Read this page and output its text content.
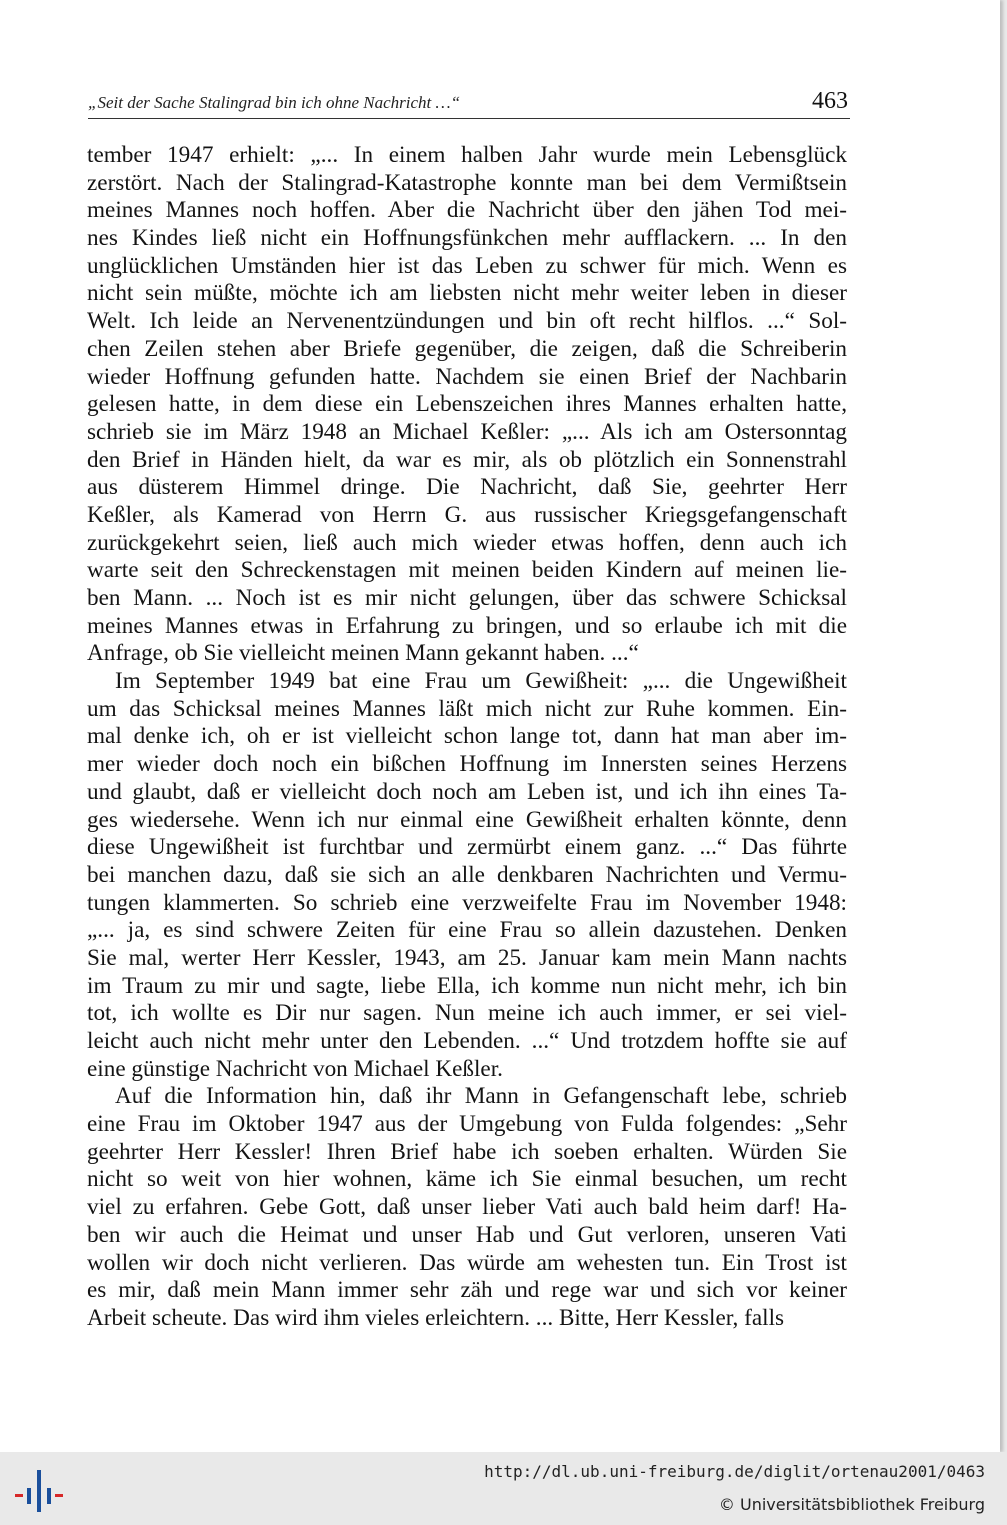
„Seit der Sache Stalingrad bin ich ohne Nachricht …“	463
tember 1947 erhielt: „... In einem halben Jahr wurde mein Lebensglück
zerstört. Nach der Stalingrad-Katastrophe konnte man bei dem Vermißtsein
meines Mannes noch hoffen. Aber die Nachricht über den jähen Tod mei-
nes Kindes ließ nicht ein Hoffnungsfünkchen mehr aufflackern. ... In den
unglücklichen Umständen hier ist das Leben zu schwer für mich. Wenn es
nicht sein müßte, möchte ich am liebsten nicht mehr weiter leben in dieser
Welt. Ich leide an Nervenentzündungen und bin oft recht hilflos. ...“ Sol-
chen Zeilen stehen aber Briefe gegenüber, die zeigen, daß die Schreiberin
wieder Hoffnung gefunden hatte. Nachdem sie einen Brief der Nachbarin
gelesen hatte, in dem diese ein Lebenszeichen ihres Mannes erhalten hatte,
schrieb sie im März 1948 an Michael Keßler: „... Als ich am Ostersonntag
den Brief in Händen hielt, da war es mir, als ob plötzlich ein Sonnenstrahl
aus düsterem Himmel dringe. Die Nachricht, daß Sie, geehrter Herr
Keßler, als Kamerad von Herrn G. aus russischer Kriegsgefangenschaft
zurückgekehrt seien, ließ auch mich wieder etwas hoffen, denn auch ich
warte seit den Schreckenstagen mit meinen beiden Kindern auf meinen lie-
ben Mann. ... Noch ist es mir nicht gelungen, über das schwere Schicksal
meines Mannes etwas in Erfahrung zu bringen, und so erlaube ich mit die
Anfrage, ob Sie vielleicht meinen Mann gekannt haben. ...“
Im September 1949 bat eine Frau um Gewißheit: „... die Ungewißheit
um das Schicksal meines Mannes läßt mich nicht zur Ruhe kommen. Ein-
mal denke ich, oh er ist vielleicht schon lange tot, dann hat man aber im-
mer wieder doch noch ein bißchen Hoffnung im Innersten seines Herzens
und glaubt, daß er vielleicht doch noch am Leben ist, und ich ihn eines Ta-
ges wiedersehe. Wenn ich nur einmal eine Gewißheit erhalten könnte, denn
diese Ungewißheit ist furchtbar und zermürbt einem ganz. ...“ Das führte
bei manchen dazu, daß sie sich an alle denkbaren Nachrichten und Vermu-
tungen klammerten. So schrieb eine verzweifelte Frau im November 1948:
„... ja, es sind schwere Zeiten für eine Frau so allein dazustehen. Denken
Sie mal, werter Herr Kessler, 1943, am 25. Januar kam mein Mann nachts
im Traum zu mir und sagte, liebe Ella, ich komme nun nicht mehr, ich bin
tot, ich wollte es Dir nur sagen. Nun meine ich auch immer, er sei viel-
leicht auch nicht mehr unter den Lebenden. ...“ Und trotzdem hoffte sie auf
eine günstige Nachricht von Michael Keßler.
Auf die Information hin, daß ihr Mann in Gefangenschaft lebe, schrieb
eine Frau im Oktober 1947 aus der Umgebung von Fulda folgendes: „Sehr
geehrter Herr Kessler! Ihren Brief habe ich soeben erhalten. Würden Sie
nicht so weit von hier wohnen, käme ich Sie einmal besuchen, um recht
viel zu erfahren. Gebe Gott, daß unser lieber Vati auch bald heim darf! Ha-
ben wir auch die Heimat und unser Hab und Gut verloren, unseren Vati
wollen wir doch nicht verlieren. Das würde am wehesten tun. Ein Trost ist
es mir, daß mein Mann immer sehr zäh und rege war und sich vor keiner
Arbeit scheute. Das wird ihm vieles erleichtern. ... Bitte, Herr Kessler, falls
http://dl.ub.uni-freiburg.de/diglit/ortenau2001/0463
© Universitätsbibliothek Freiburg
